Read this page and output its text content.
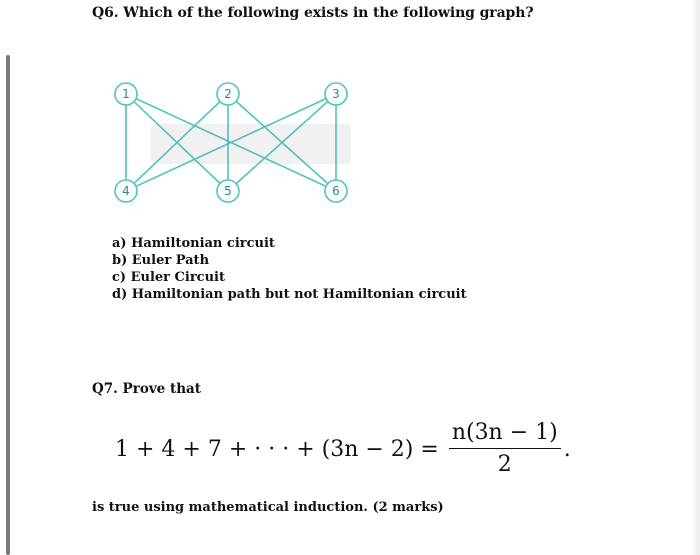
Q6. Which of the following exists in the following graph?
1	2	3
4	5	6
a) Hamiltonian circuit
b) Euler Path
c) Euler Circuit
d) Hamiltonian path but not Hamiltonian circuit
Q7. Prove that
1 + 4 + 7 + · · · + $(3n - 2) = \frac{n(3n - 1)}{2}$ .
is true using mathematical induction. (2 marks)
